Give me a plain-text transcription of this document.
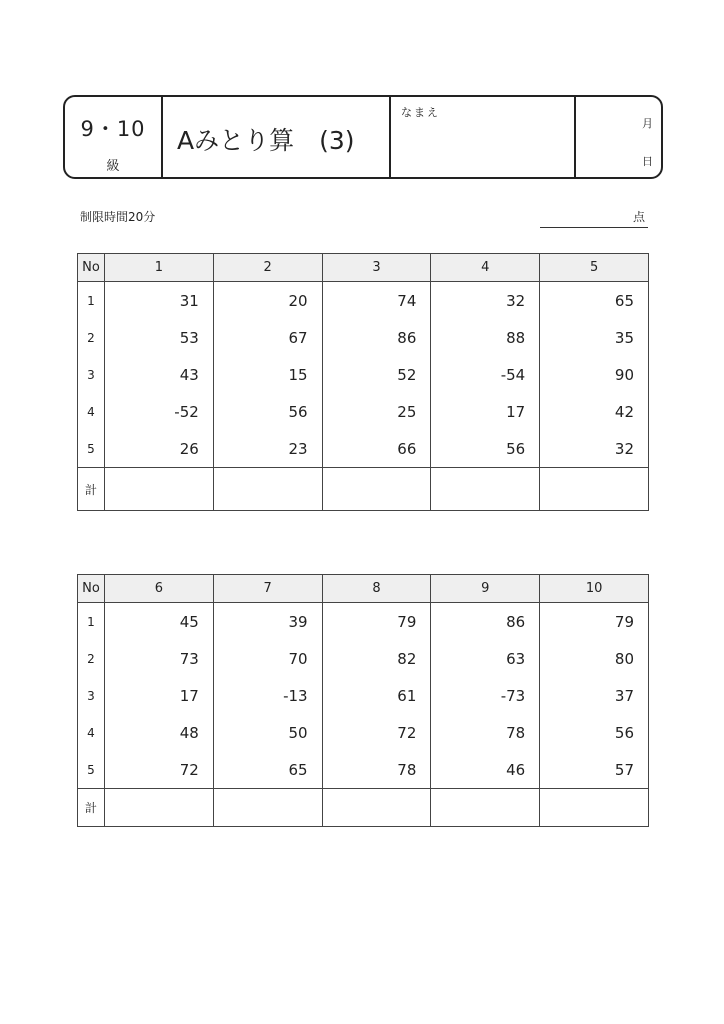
9・10
級
Aみとり算　(3)
なまえ
月
日
制限時間20分	点
No	1	2	3	4	5
1	31	20	74	32	65
2	53	67	86	88	35
3	43	15	52	-54	90
4	-52	56	25	17	42
5	26	23	66	56	32
計					
No	6	7	8	9	10
1	45	39	79	86	79
2	73	70	82	63	80
3	17	-13	61	-73	37
4	48	50	72	78	56
5	72	65	78	46	57
計					
